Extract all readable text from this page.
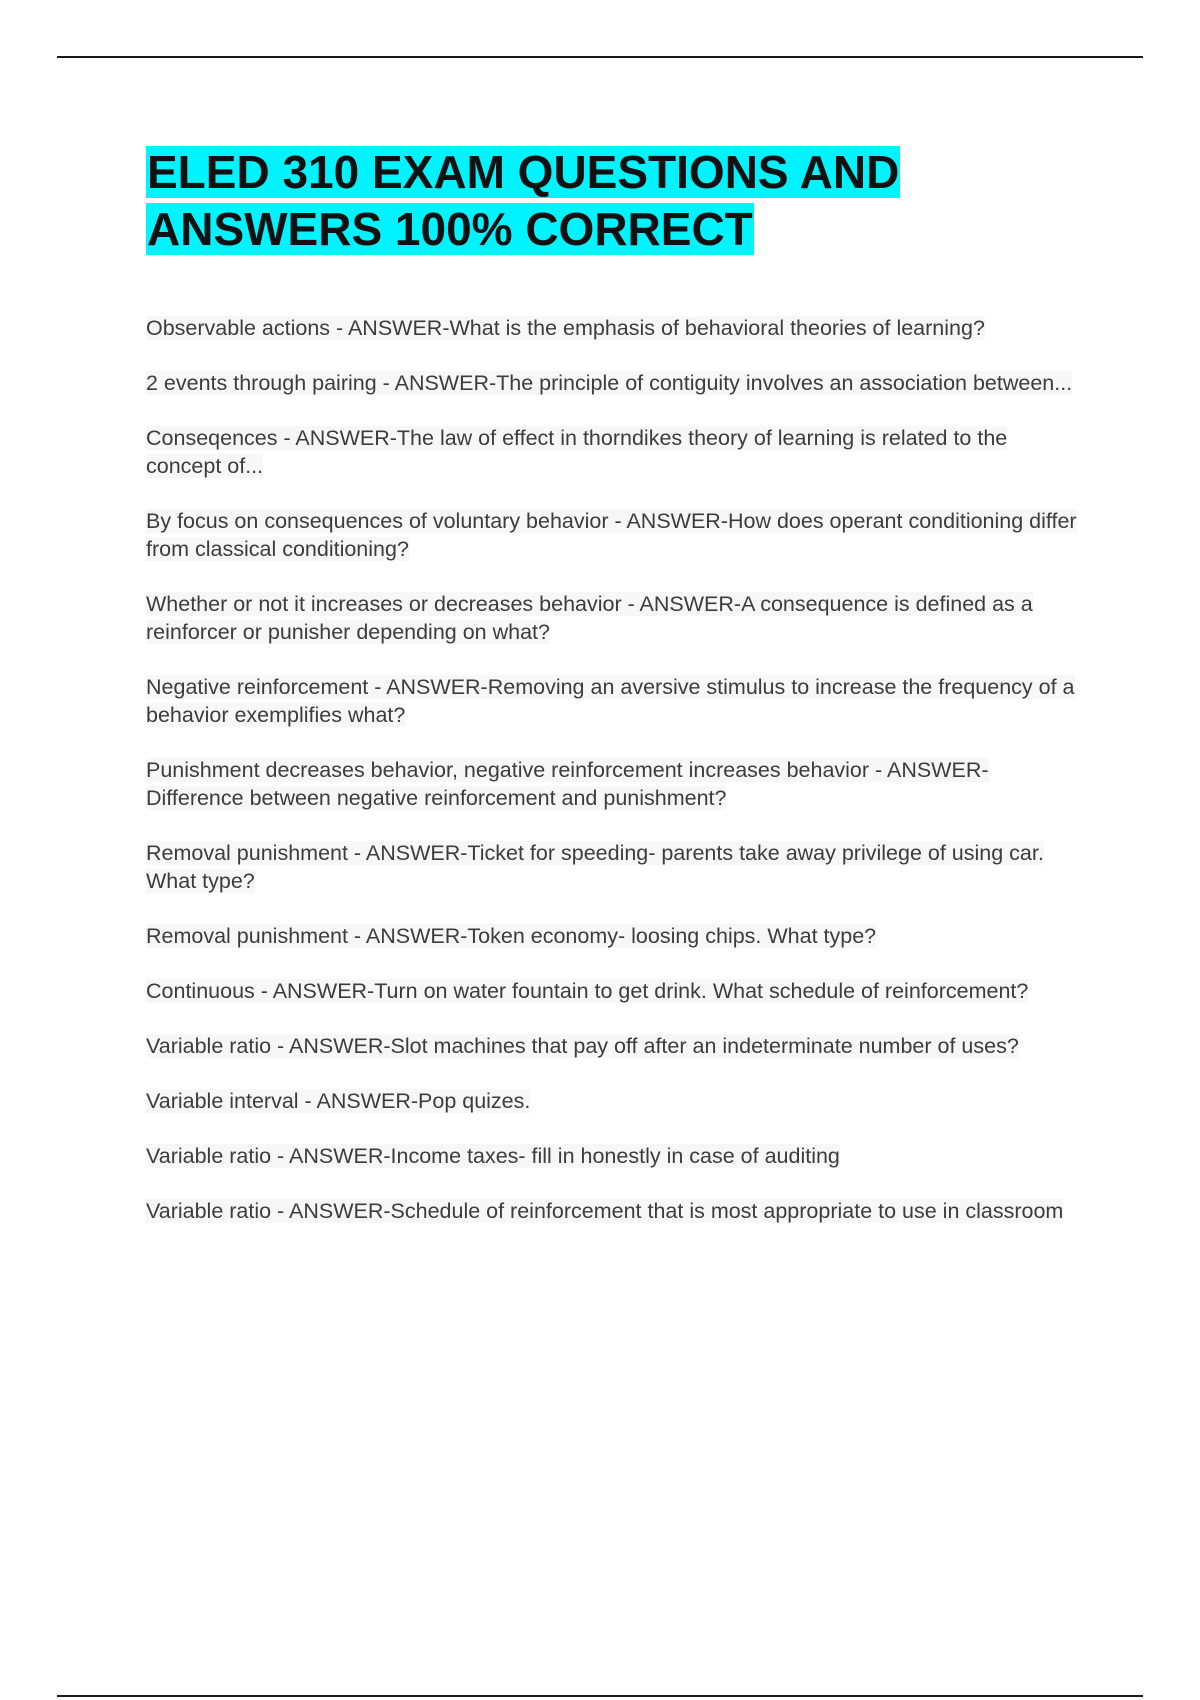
ELED 310 EXAM QUESTIONS AND
ANSWERS 100% CORRECT

Observable actions - ANSWER-What is the emphasis of behavioral theories of learning?

2 events through pairing - ANSWER-The principle of contiguity involves an association between...

Conseqences - ANSWER-The law of effect in thorndikes theory of learning is related to the concept of...

By focus on consequences of voluntary behavior - ANSWER-How does operant conditioning differ from classical conditioning?

Whether or not it increases or decreases behavior - ANSWER-A consequence is defined as a reinforcer or punisher depending on what?

Negative reinforcement - ANSWER-Removing an aversive stimulus to increase the frequency of a behavior exemplifies what?

Punishment decreases behavior, negative reinforcement increases behavior - ANSWER-Difference between negative reinforcement and punishment?

Removal punishment - ANSWER-Ticket for speeding- parents take away privilege of using car. What type?

Removal punishment - ANSWER-Token economy- loosing chips. What type?

Continuous - ANSWER-Turn on water fountain to get drink. What schedule of reinforcement?

Variable ratio - ANSWER-Slot machines that pay off after an indeterminate number of uses?

Variable interval - ANSWER-Pop quizes.

Variable ratio - ANSWER-Income taxes- fill in honestly in case of auditing

Variable ratio - ANSWER-Schedule of reinforcement that is most appropriate to use in classroom
